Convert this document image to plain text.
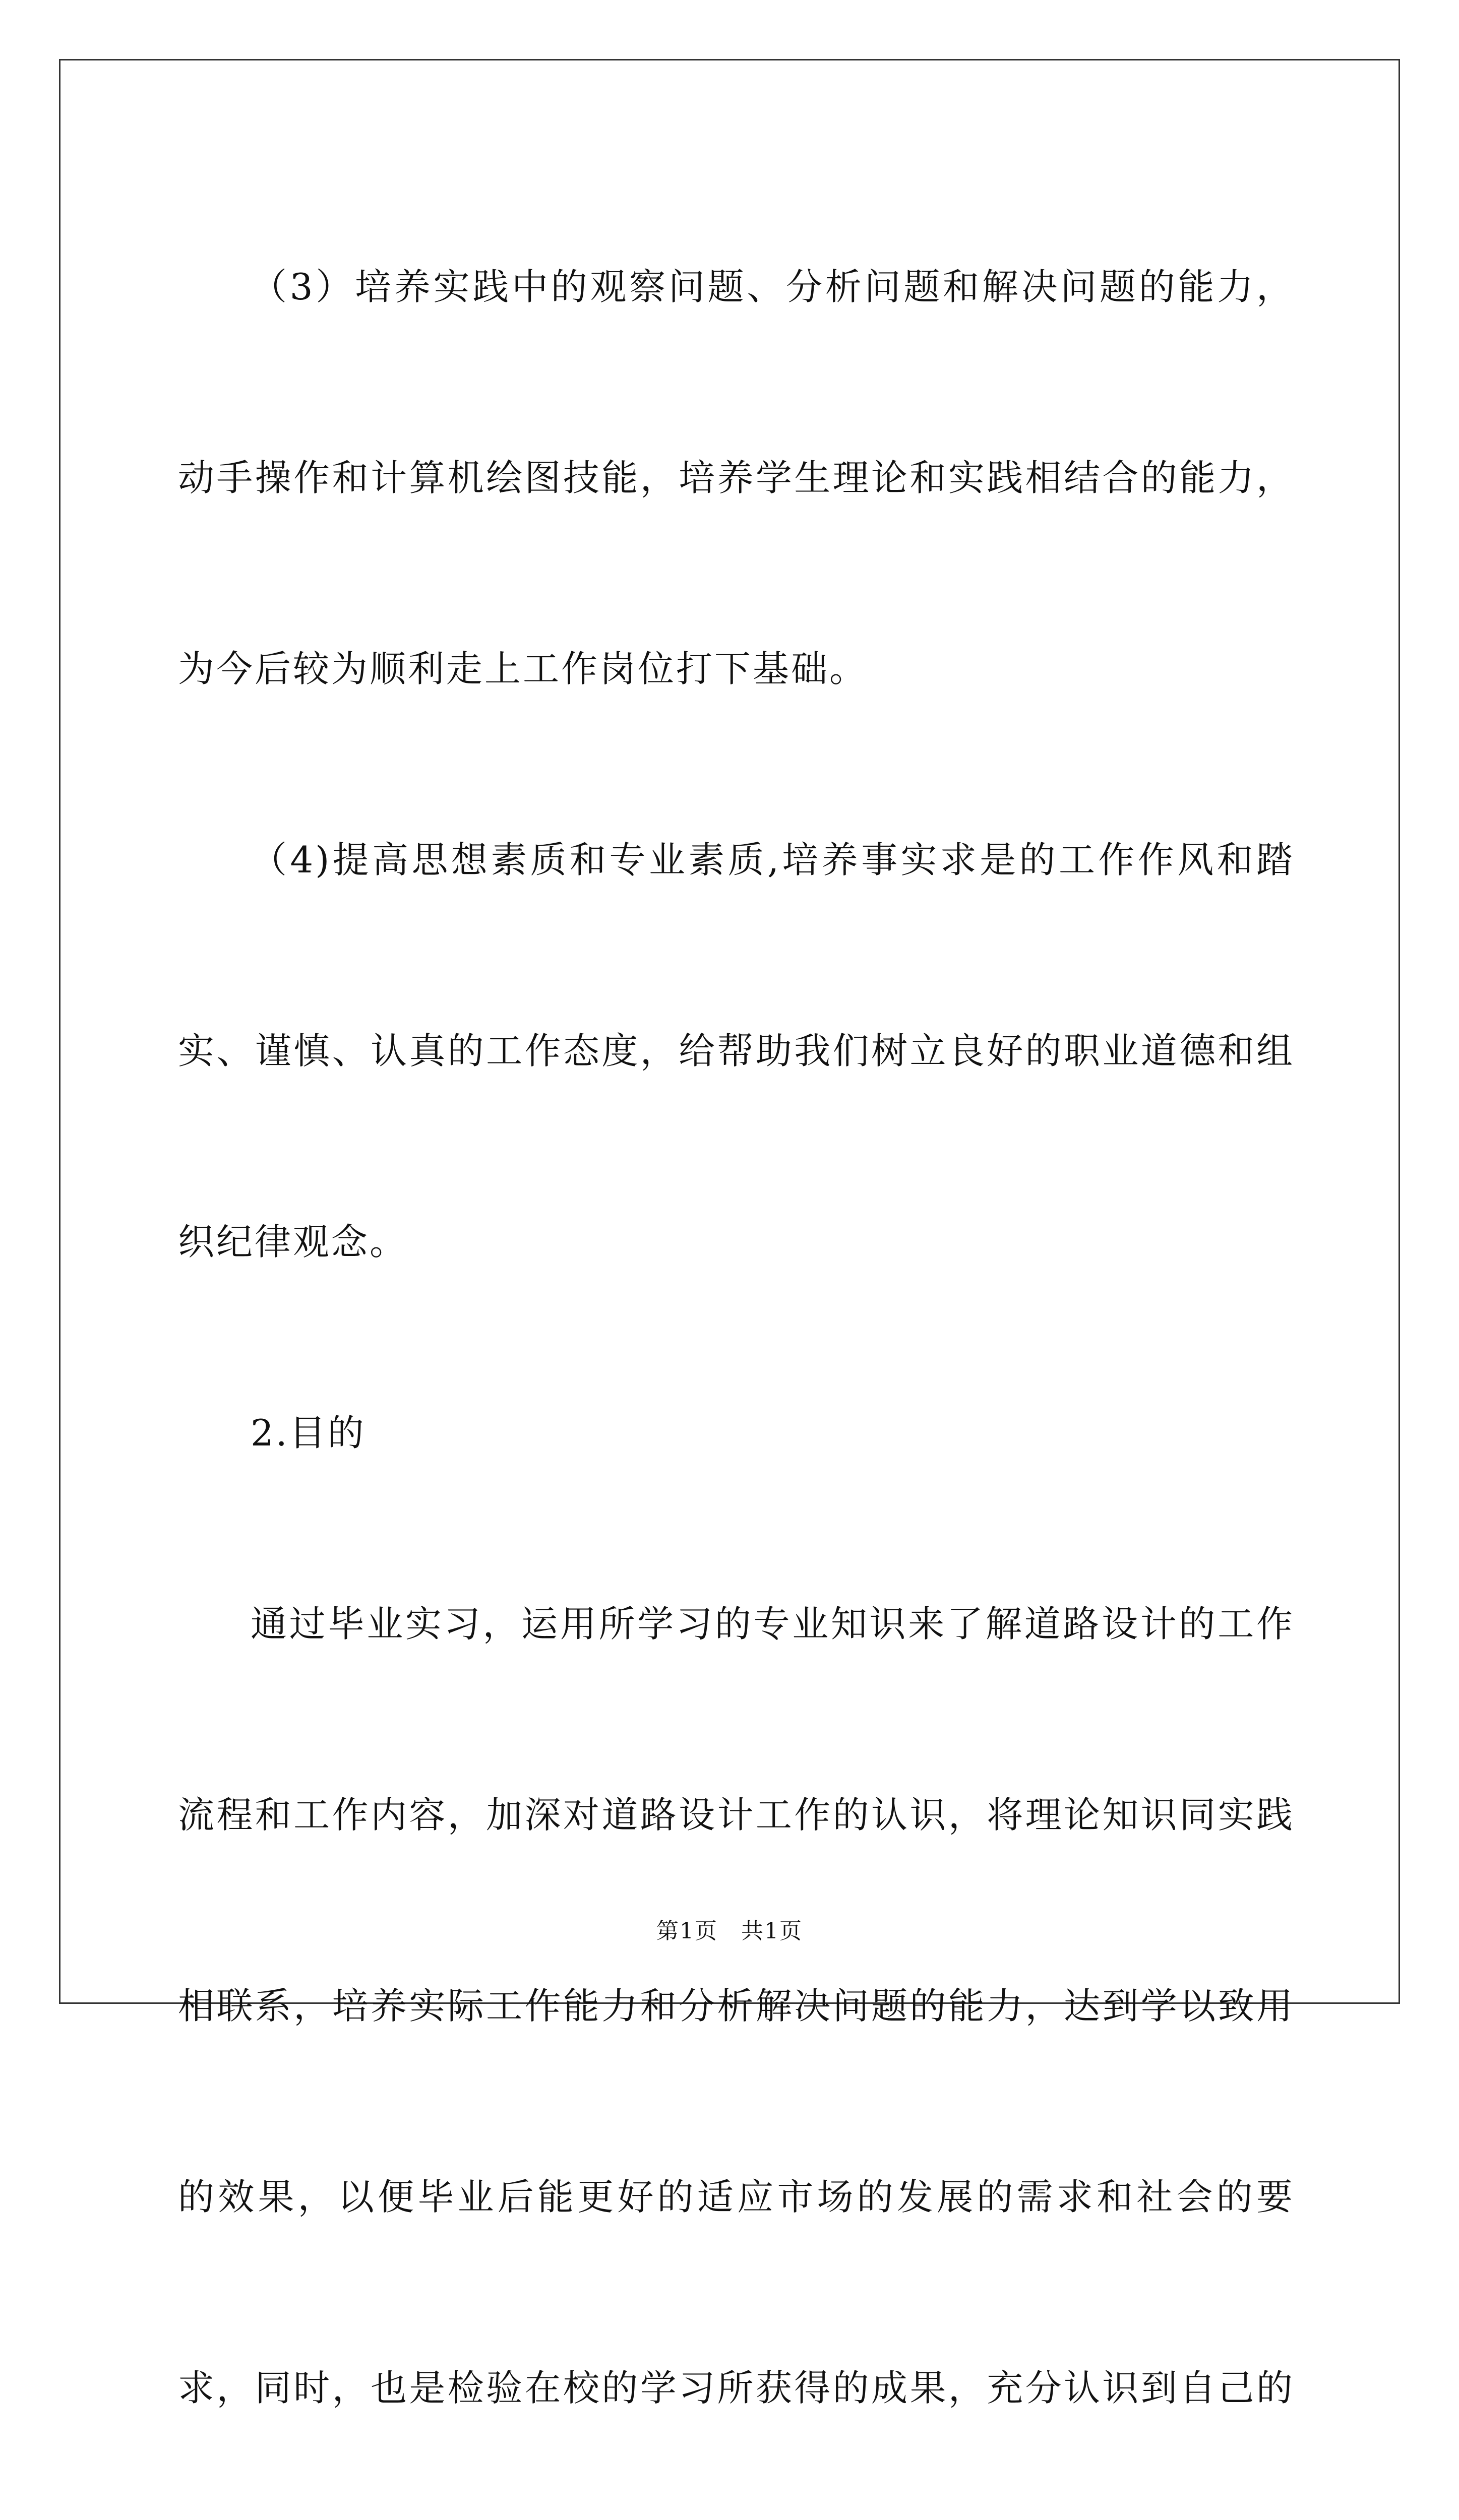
（3）培养实践中的观察问题、分析问题和解决问题的能力，动手操作和计算机绘图技能，培养学生理论和实践相结合的能力，为今后较为顺利走上工作岗位打下基础。

（4)提高思想素质和专业素质,培养事实求是的工作作风和踏实、谨慎、认真的工作态度，给帮助我们树立良好的职业道德和组织纪律观念。

2.目的

通过毕业实习，运用所学习的专业知识来了解道路设计的工作流程和工作内容，加深对道路设计工作的认识，将理论知识同实践相联系，培养实际工作能力和分析解决问题的能力，达到学以致用的效果，以便毕业后能更好的适应市场的发展的需求和社会的要求，同时，也是检验在校的学习所获得的成果，充分认识到自己的

第1页　共1页
